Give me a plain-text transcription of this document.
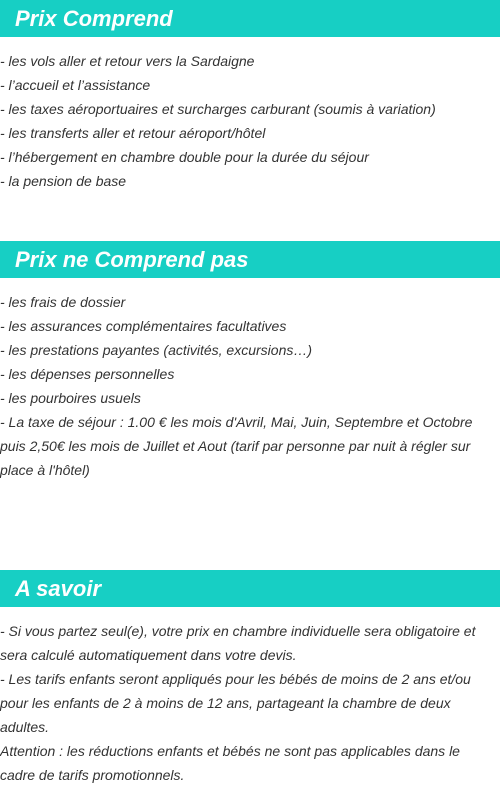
Prix Comprend
- les vols aller et retour vers la Sardaigne
- l’accueil et l’assistance
- les taxes aéroportuaires et surcharges carburant (soumis à variation)
- les transferts aller et retour aéroport/hôtel
- l’hébergement en chambre double pour la durée du séjour
- la pension de base
Prix ne Comprend pas
- les frais de dossier
- les assurances complémentaires facultatives
- les prestations payantes (activités, excursions…)
- les dépenses personnelles
- les pourboires usuels
- La taxe de séjour : 1.00 € les mois d'Avril, Mai, Juin, Septembre et Octobre puis 2,50€ les mois de Juillet et Aout (tarif par personne par nuit à régler sur place à l'hôtel)
A savoir
- Si vous partez seul(e), votre prix en chambre individuelle sera obligatoire et sera calculé automatiquement dans votre devis.
- Les tarifs enfants seront appliqués pour les bébés de moins de 2 ans et/ou pour les enfants de 2 à moins de 12 ans, partageant la chambre de deux adultes.
Attention : les réductions enfants et bébés ne sont pas applicables dans le cadre de tarifs promotionnels.
